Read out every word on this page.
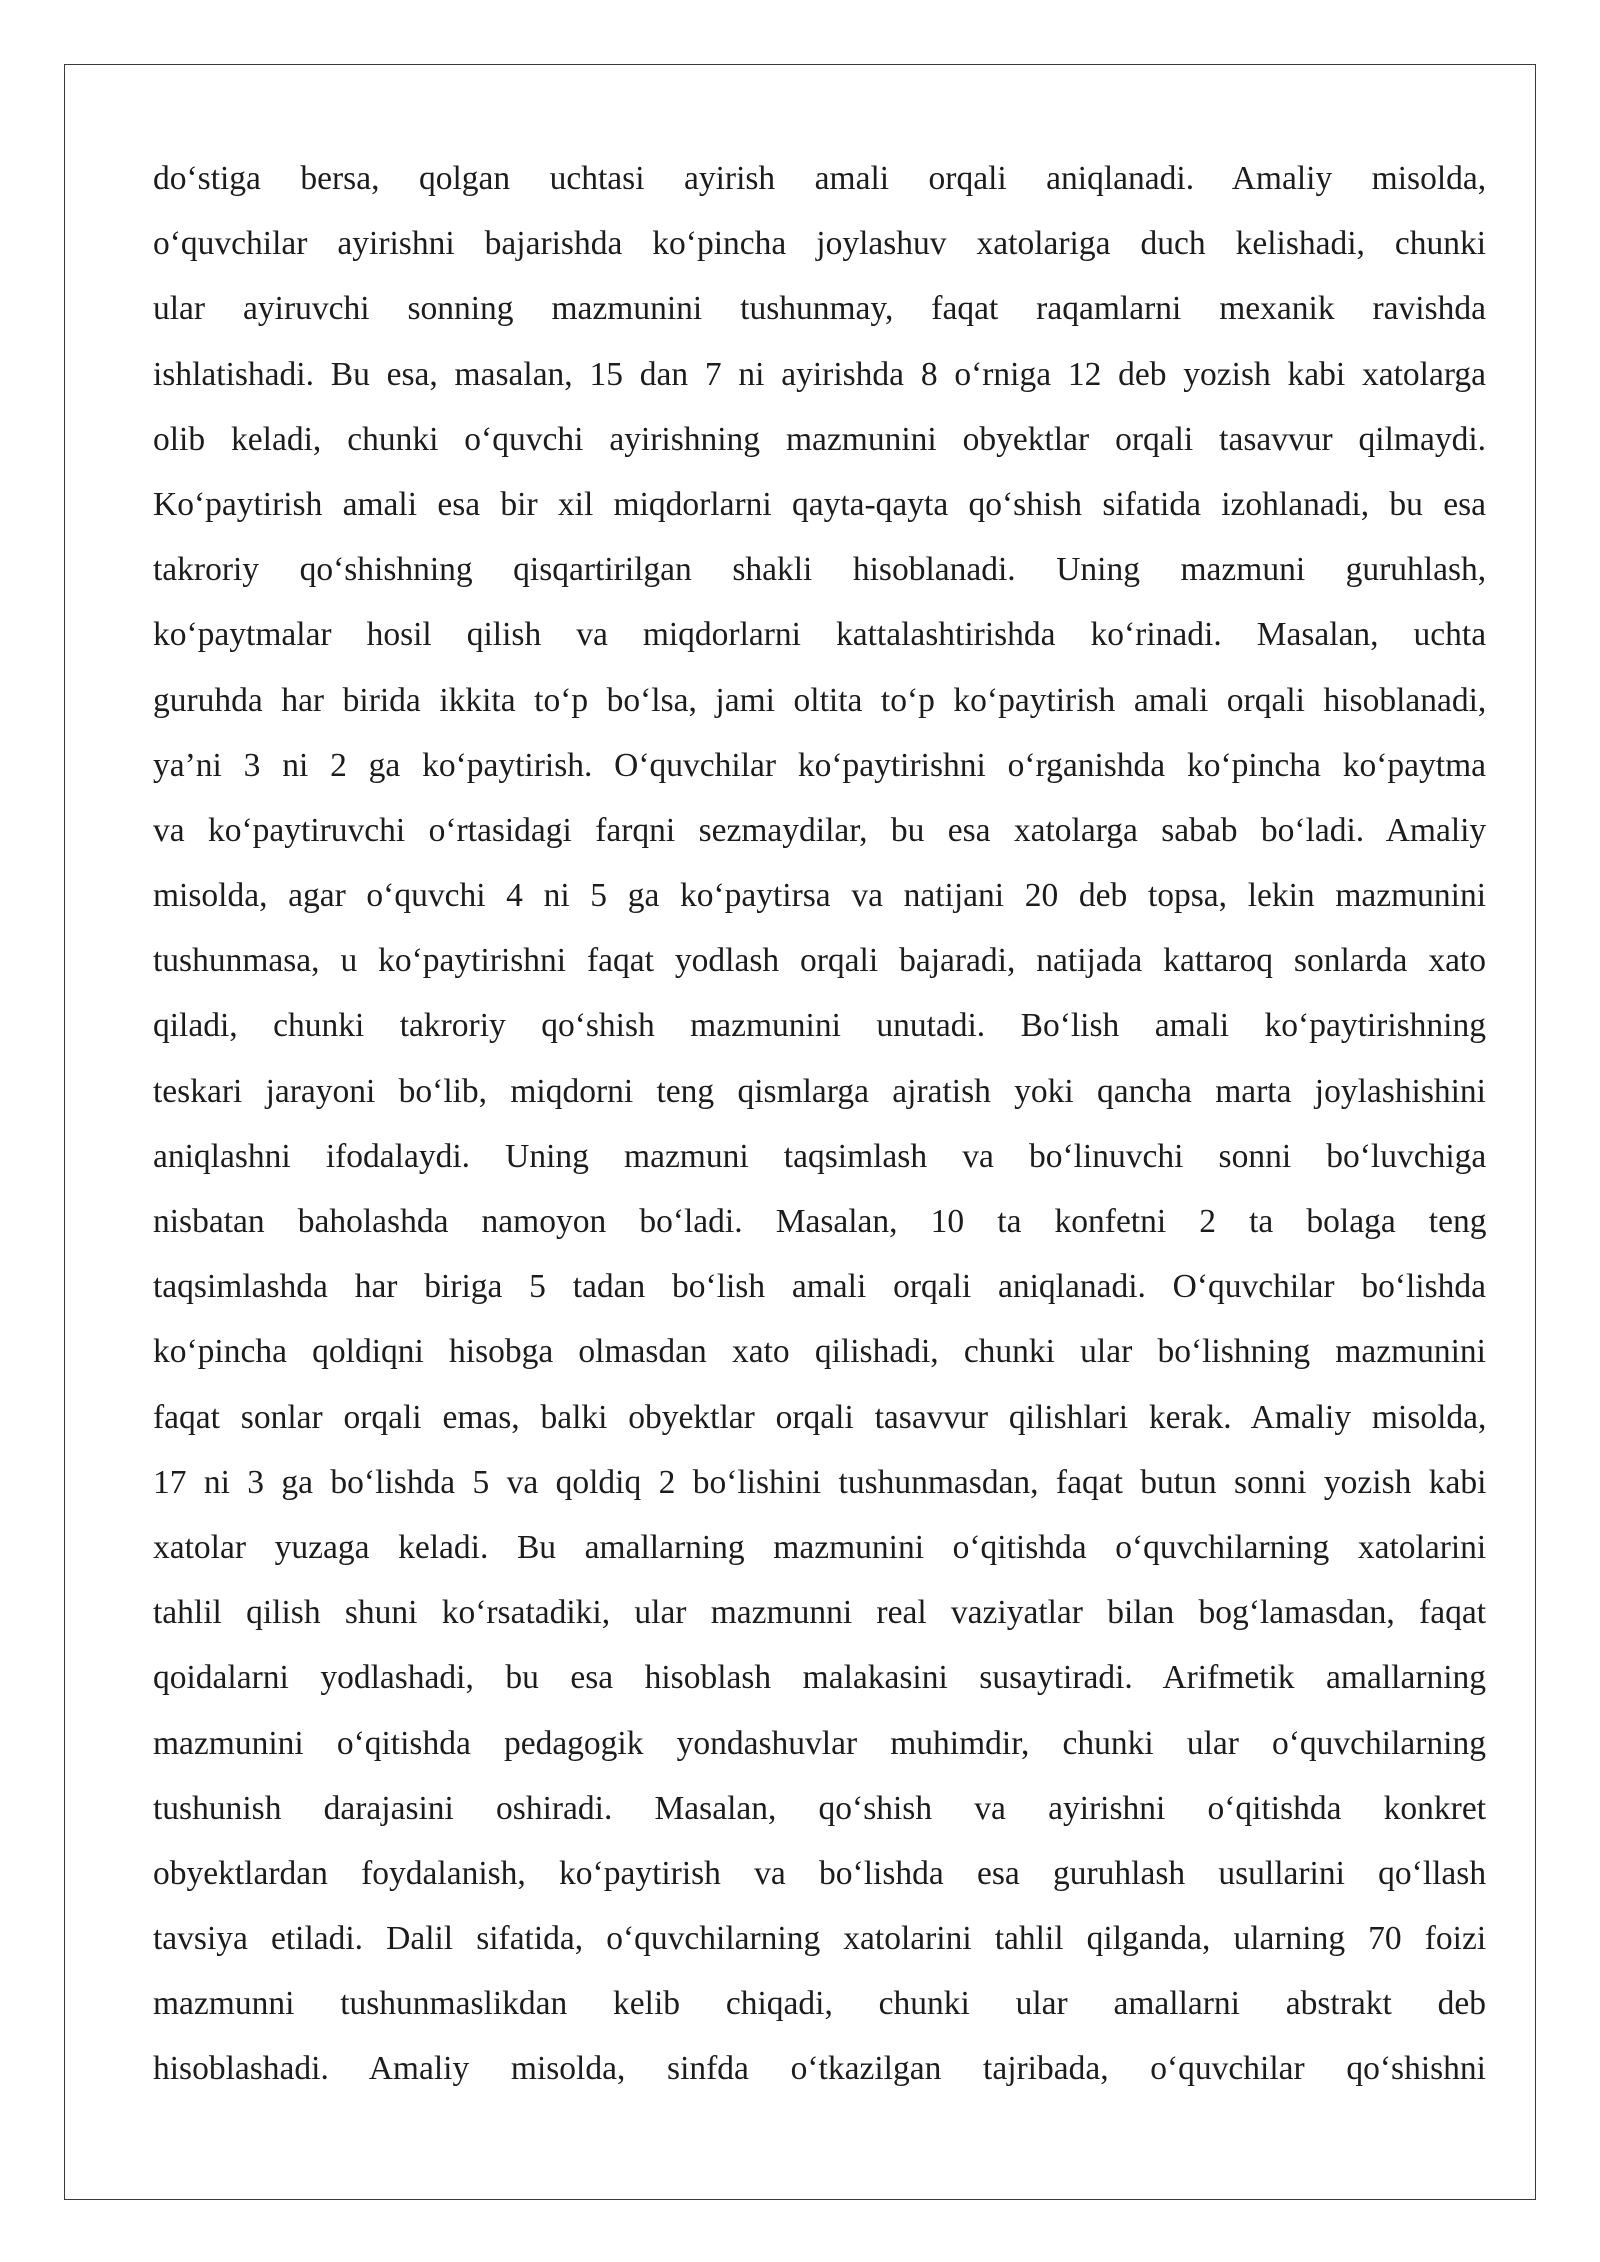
do‘stiga bersa, qolgan uchtasi ayirish amali orqali aniqlanadi. Amaliy misolda,
o‘quvchilar ayirishni bajarishda ko‘pincha joylashuv xatolariga duch kelishadi, chunki
ular ayiruvchi sonning mazmunini tushunmay, faqat raqamlarni mexanik ravishda
ishlatishadi. Bu esa, masalan, 15 dan 7 ni ayirishda 8 o‘rniga 12 deb yozish kabi xatolarga
olib keladi, chunki o‘quvchi ayirishning mazmunini obyektlar orqali tasavvur qilmaydi.
Ko‘paytirish amali esa bir xil miqdorlarni qayta-qayta qo‘shish sifatida izohlanadi, bu esa
takroriy qo‘shishning qisqartirilgan shakli hisoblanadi. Uning mazmuni guruhlash,
ko‘paytmalar hosil qilish va miqdorlarni kattalashtirishda ko‘rinadi. Masalan, uchta
guruhda har birida ikkita to‘p bo‘lsa, jami oltita to‘p ko‘paytirish amali orqali hisoblanadi,
ya’ni 3 ni 2 ga ko‘paytirish. O‘quvchilar ko‘paytirishni o‘rganishda ko‘pincha ko‘paytma
va ko‘paytiruvchi o‘rtasidagi farqni sezmaydilar, bu esa xatolarga sabab bo‘ladi. Amaliy
misolda, agar o‘quvchi 4 ni 5 ga ko‘paytirsa va natijani 20 deb topsa, lekin mazmunini
tushunmasa, u ko‘paytirishni faqat yodlash orqali bajaradi, natijada kattaroq sonlarda xato
qiladi, chunki takroriy qo‘shish mazmunini unutadi. Bo‘lish amali ko‘paytirishning
teskari jarayoni bo‘lib, miqdorni teng qismlarga ajratish yoki qancha marta joylashishini
aniqlashni ifodalaydi. Uning mazmuni taqsimlash va bo‘linuvchi sonni bo‘luvchiga
nisbatan baholashda namoyon bo‘ladi. Masalan, 10 ta konfetni 2 ta bolaga teng
taqsimlashda har biriga 5 tadan bo‘lish amali orqali aniqlanadi. O‘quvchilar bo‘lishda
ko‘pincha qoldiqni hisobga olmasdan xato qilishadi, chunki ular bo‘lishning mazmunini
faqat sonlar orqali emas, balki obyektlar orqali tasavvur qilishlari kerak. Amaliy misolda,
17 ni 3 ga bo‘lishda 5 va qoldiq 2 bo‘lishini tushunmasdan, faqat butun sonni yozish kabi
xatolar yuzaga keladi. Bu amallarning mazmunini o‘qitishda o‘quvchilarning xatolarini
tahlil qilish shuni ko‘rsatadiki, ular mazmunni real vaziyatlar bilan bog‘lamasdan, faqat
qoidalarni yodlashadi, bu esa hisoblash malakasini susaytiradi. Arifmetik amallarning
mazmunini o‘qitishda pedagogik yondashuvlar muhimdir, chunki ular o‘quvchilarning
tushunish darajasini oshiradi. Masalan, qo‘shish va ayirishni o‘qitishda konkret
obyektlardan foydalanish, ko‘paytirish va bo‘lishda esa guruhlash usullarini qo‘llash
tavsiya etiladi. Dalil sifatida, o‘quvchilarning xatolarini tahlil qilganda, ularning 70 foizi
mazmunni tushunmaslikdan kelib chiqadi, chunki ular amallarni abstrakt deb
hisoblashadi. Amaliy misolda, sinfda o‘tkazilgan tajribada, o‘quvchilar qo‘shishni
